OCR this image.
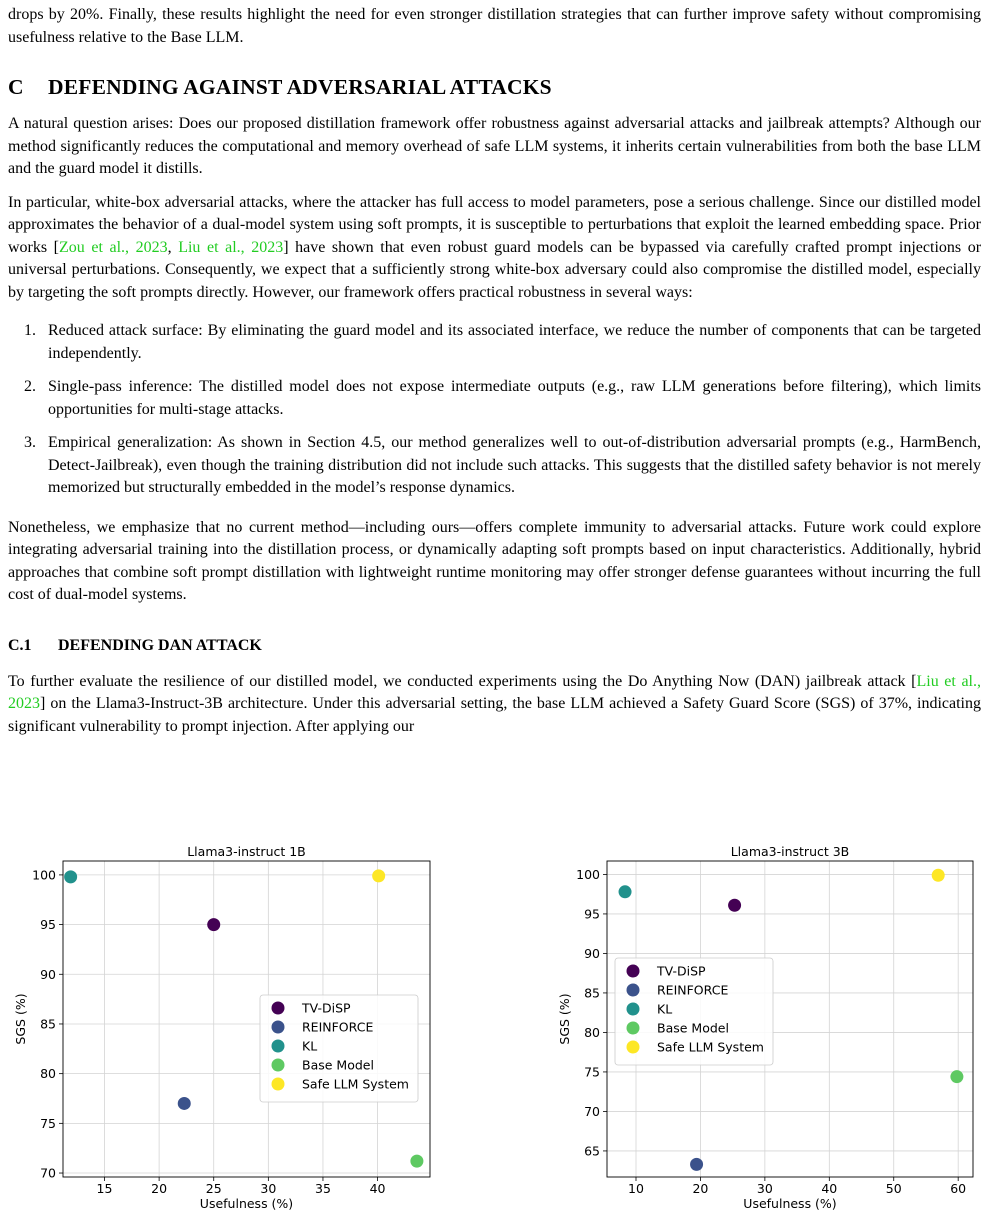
drops by 20%. Finally, these results highlight the need for even stronger distillation strategies that can further improve safety without compromising usefulness relative to the Base LLM.

C DEFENDING AGAINST ADVERSARIAL ATTACKS

A natural question arises: Does our proposed distillation framework offer robustness against adversarial attacks and jailbreak attempts? Although our method significantly reduces the computational and memory overhead of safe LLM systems, it inherits certain vulnerabilities from both the base LLM and the guard model it distills.

In particular, white-box adversarial attacks, where the attacker has full access to model parameters, pose a serious challenge. Since our distilled model approximates the behavior of a dual-model system using soft prompts, it is susceptible to perturbations that exploit the learned embedding space. Prior works [Zou et al., 2023, Liu et al., 2023] have shown that even robust guard models can be bypassed via carefully crafted prompt injections or universal perturbations. Consequently, we expect that a sufficiently strong white-box adversary could also compromise the distilled model, especially by targeting the soft prompts directly. However, our framework offers practical robustness in several ways:

1. Reduced attack surface: By eliminating the guard model and its associated interface, we reduce the number of components that can be targeted independently.
2. Single-pass inference: The distilled model does not expose intermediate outputs (e.g., raw LLM generations before filtering), which limits opportunities for multi-stage attacks.
3. Empirical generalization: As shown in Section 4.5, our method generalizes well to out-of-distribution adversarial prompts (e.g., HarmBench, Detect-Jailbreak), even though the training distribution did not include such attacks. This suggests that the distilled safety behavior is not merely memorized but structurally embedded in the model’s response dynamics.

Nonetheless, we emphasize that no current method—including ours—offers complete immunity to adversarial attacks. Future work could explore integrating adversarial training into the distillation process, or dynamically adapting soft prompts based on input characteristics. Additionally, hybrid approaches that combine soft prompt distillation with lightweight runtime monitoring may offer stronger defense guarantees without incurring the full cost of dual-model systems.

C.1 DEFENDING DAN ATTACK

To further evaluate the resilience of our distilled model, we conducted experiments using the Do Anything Now (DAN) jailbreak attack [Liu et al., 2023] on the Llama3-Instruct-3B architecture. Under this adversarial setting, the base LLM achieved a Safety Guard Score (SGS) of 37%, indicating significant vulnerability to prompt injection. After applying our

15	20	25	30	35	40
70
75
80
85
90
95
100
Llama3-instruct 1B
Usefulness (%)
SGS (%)	TV-DiSP
REINFORCE
KL
Base Model
Safe LLM System
10	20	30	40	50	60
65
70
75
80
85
90
95
100
Llama3-instruct 3B
Usefulness (%)
SGS (%)
TV-DiSP
REINFORCE
KL
Base Model
Safe LLM System
